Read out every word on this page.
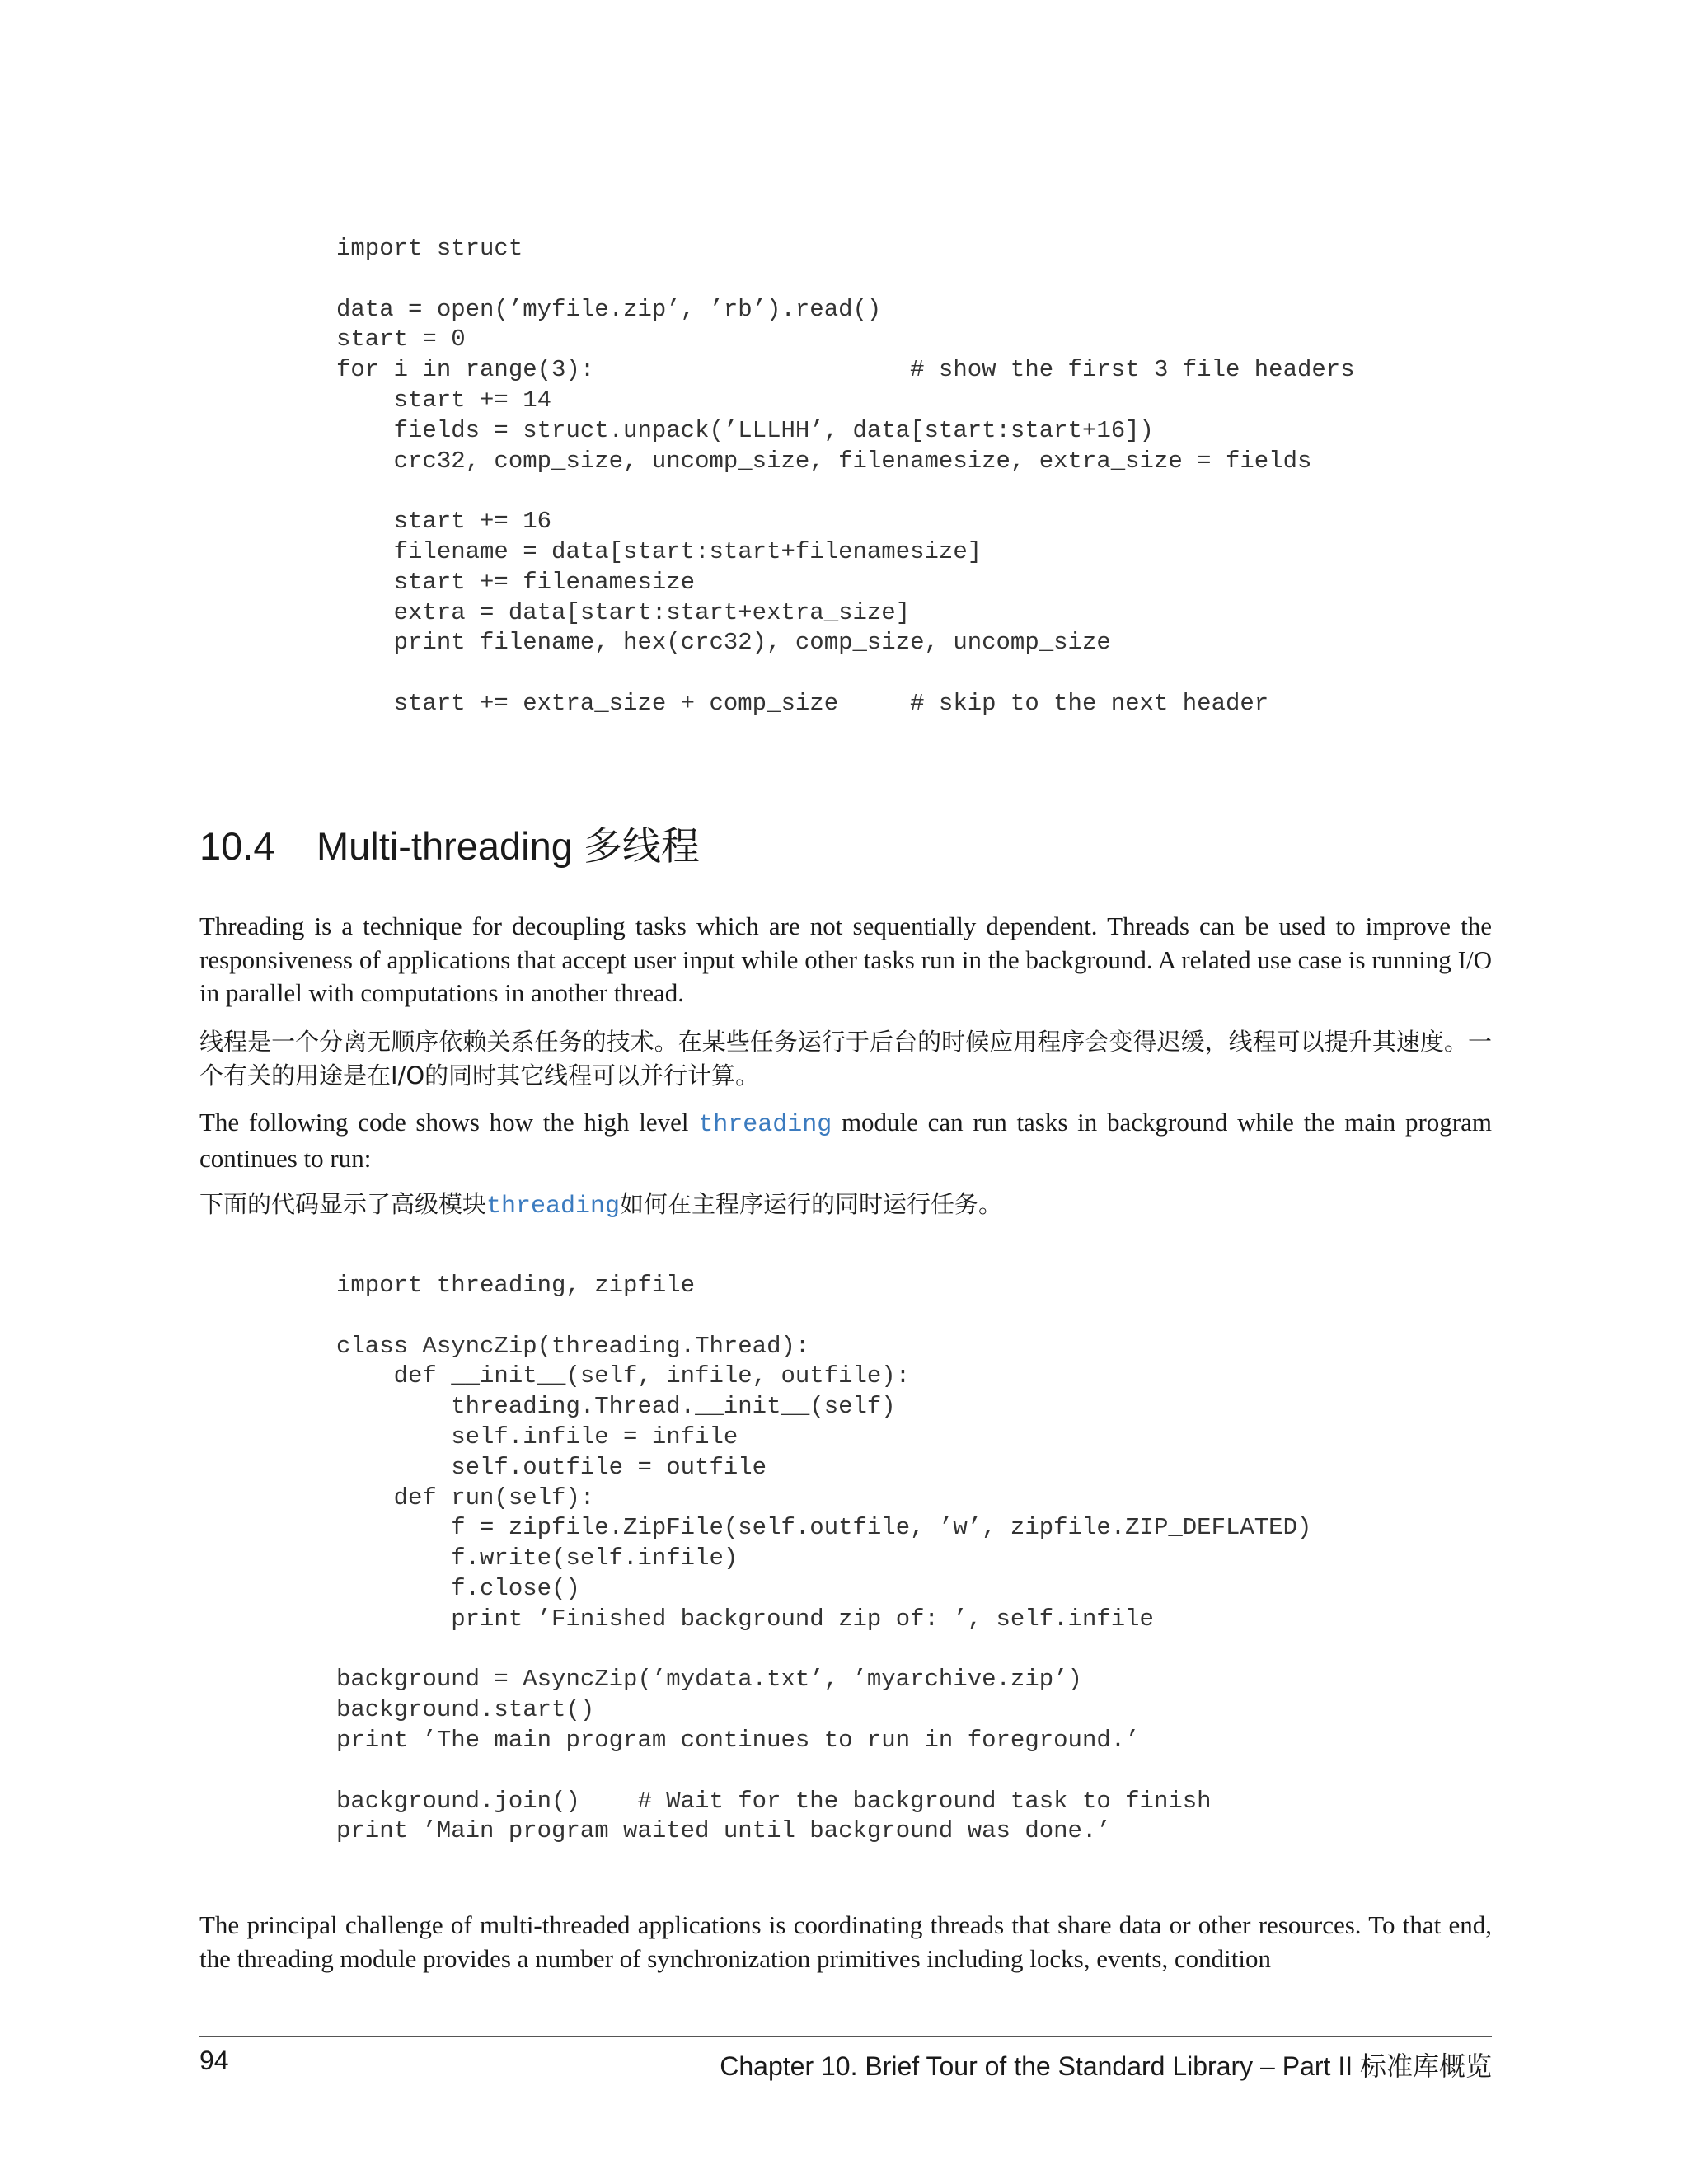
import struct

data = open(’myfile.zip’, ’rb’).read()
start = 0
for i in range(3):                      # show the first 3 file headers
start += 14
fields = struct.unpack(’LLLHH’, data[start:start+16])
crc32, comp_size, uncomp_size, filenamesize, extra_size = fields

start += 16
filename = data[start:start+filenamesize]
start += filenamesize
extra = data[start:start+extra_size]
print filename, hex(crc32), comp_size, uncomp_size

start += extra_size + comp_size     # skip to the next header
10.4 Multi-threading 多线程

Threading is a technique for decoupling tasks which are not sequentially dependent. Threads can be used to improve the responsiveness of applications that accept user input while other tasks run in the background. A related use case is running I/O in parallel with computations in another thread.

线程是一个分离无顺序依赖关系任务的技术。在某些任务运行于后台的时候应用程序会变得迟缓，线程可以提升其速度。一个有关的用途是在I/O的同时其它线程可以并行计算。

The following code shows how the high level threading module can run tasks in background while the main program continues to run:

下面的代码显示了高级模块threading如何在主程序运行的同时运行任务。

import threading, zipfile

class AsyncZip(threading.Thread):
def __init__(self, infile, outfile):
threading.Thread.__init__(self)
self.infile = infile
self.outfile = outfile
def run(self):
f = zipfile.ZipFile(self.outfile, ’w’, zipfile.ZIP_DEFLATED)
f.write(self.infile)
f.close()
print ’Finished background zip of: ’, self.infile

background = AsyncZip(’mydata.txt’, ’myarchive.zip’)
background.start()
print ’The main program continues to run in foreground.’

background.join()    # Wait for the background task to finish
print ’Main program waited until background was done.’

The principal challenge of multi-threaded applications is coordinating threads that share data or other resources. To that end, the threading module provides a number of synchronization primitives including locks, events, condition

94	Chapter 10. Brief Tour of the Standard Library – Part II 标准库概览
